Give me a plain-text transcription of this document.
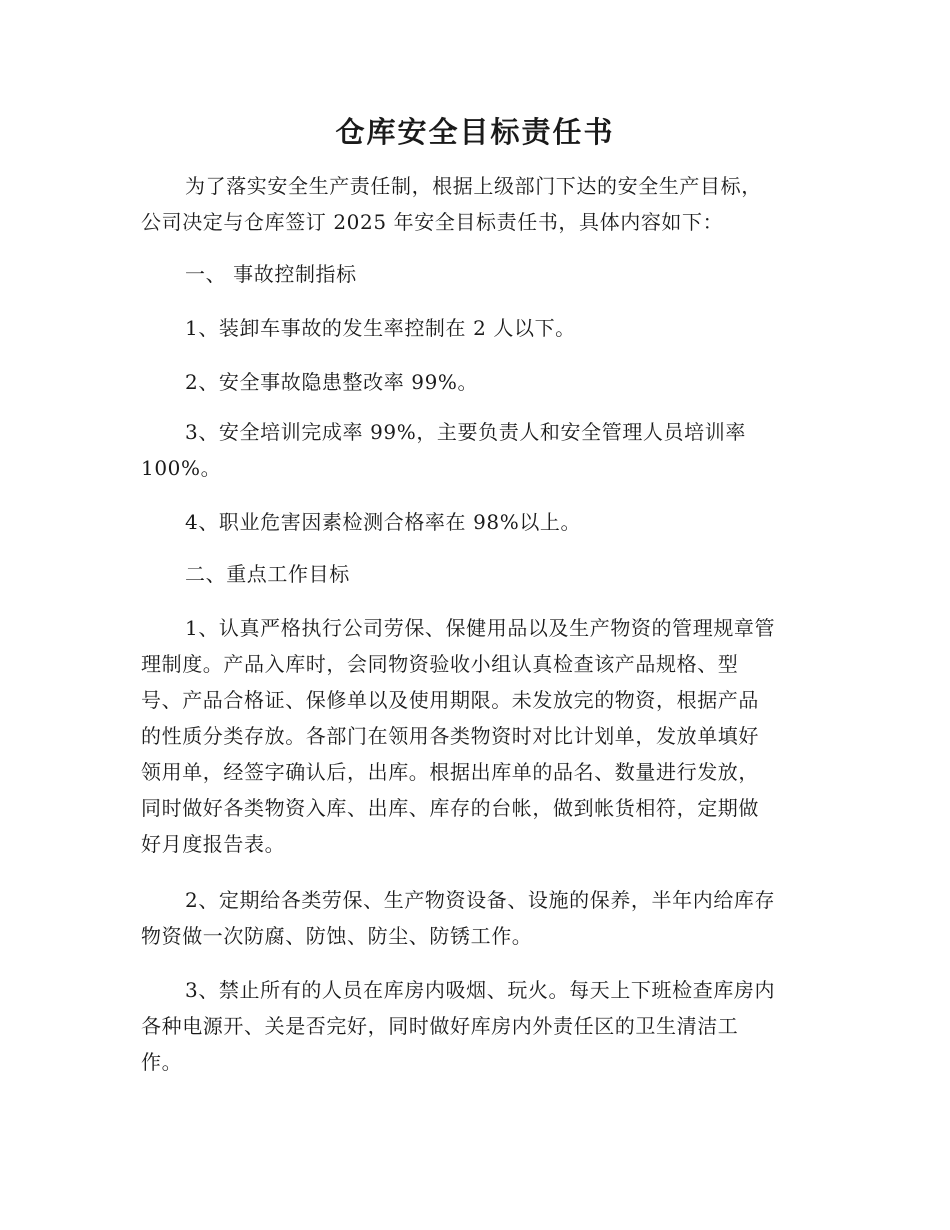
仓库安全目标责任书
为了落实安全生产责任制，根据上级部门下达的安全生产目标，
公司决定与仓库签订 2025 年安全目标责任书，具体内容如下：
一、 事故控制指标
1、装卸车事故的发生率控制在 2 人以下。
2、安全事故隐患整改率 99%。
3、安全培训完成率 99%，主要负责人和安全管理人员培训率
100%。
4、职业危害因素检测合格率在 98%以上。
二、重点工作目标
1、认真严格执行公司劳保、保健用品以及生产物资的管理规章管
理制度。产品入库时，会同物资验收小组认真检查该产品规格、型
号、产品合格证、保修单以及使用期限。未发放完的物资，根据产品
的性质分类存放。各部门在领用各类物资时对比计划单，发放单填好
领用单，经签字确认后，出库。根据出库单的品名、数量进行发放，
同时做好各类物资入库、出库、库存的台帐，做到帐货相符，定期做
好月度报告表。
2、定期给各类劳保、生产物资设备、设施的保养，半年内给库存
物资做一次防腐、防蚀、防尘、防锈工作。
3、禁止所有的人员在库房内吸烟、玩火。每天上下班检查库房内
各种电源开、关是否完好，同时做好库房内外责任区的卫生清洁工
作。
